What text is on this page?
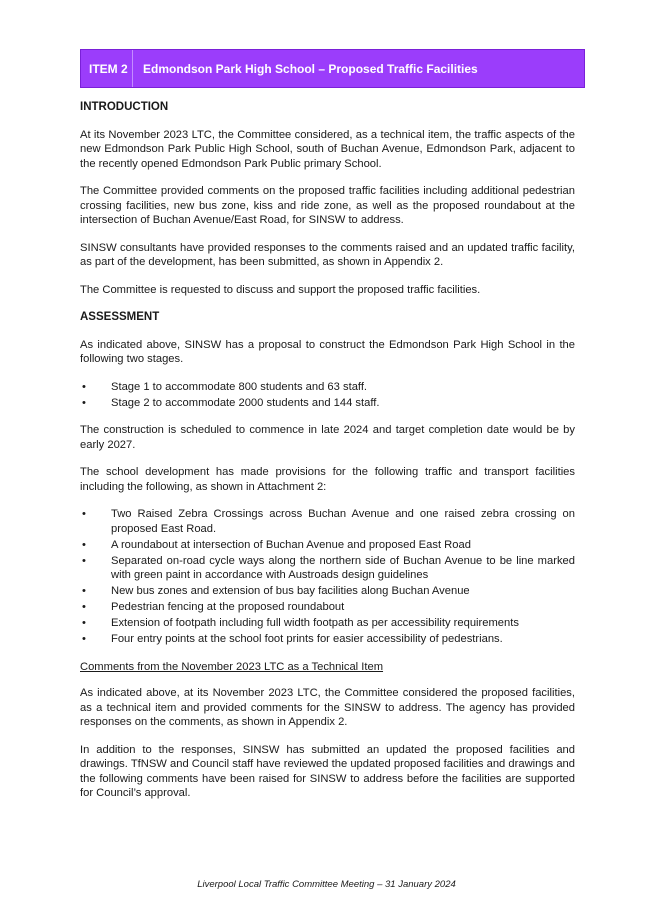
ITEM 2	Edmondson Park High School – Proposed Traffic Facilities
INTRODUCTION

At its November 2023 LTC, the Committee considered, as a technical item, the traffic aspects of the new Edmondson Park Public High School, south of Buchan Avenue, Edmondson Park, adjacent to the recently opened Edmondson Park Public primary School.

The Committee provided comments on the proposed traffic facilities including additional pedestrian crossing facilities, new bus zone, kiss and ride zone, as well as the proposed roundabout at the intersection of Buchan Avenue/East Road, for SINSW to address.

SINSW consultants have provided responses to the comments raised and an updated traffic facility, as part of the development, has been submitted, as shown in Appendix 2.

The Committee is requested to discuss and support the proposed traffic facilities.

ASSESSMENT

As indicated above, SINSW has a proposal to construct the Edmondson Park High School in the following two stages.

• Stage 1 to accommodate 800 students and 63 staff.
• Stage 2 to accommodate 2000 students and 144 staff.

The construction is scheduled to commence in late 2024 and target completion date would be by early 2027.

The school development has made provisions for the following traffic and transport facilities including the following, as shown in Attachment 2:

• Two Raised Zebra Crossings across Buchan Avenue and one raised zebra crossing on proposed East Road.
• A roundabout at intersection of Buchan Avenue and proposed East Road
• Separated on-road cycle ways along the northern side of Buchan Avenue to be line marked with green paint in accordance with Austroads design guidelines
• New bus zones and extension of bus bay facilities along Buchan Avenue
• Pedestrian fencing at the proposed roundabout
• Extension of footpath including full width footpath as per accessibility requirements
• Four entry points at the school foot prints for easier accessibility of pedestrians.

Comments from the November 2023 LTC as a Technical Item

As indicated above, at its November 2023 LTC, the Committee considered the proposed facilities, as a technical item and provided comments for the SINSW to address. The agency has provided responses on the comments, as shown in Appendix 2.

In addition to the responses, SINSW has submitted an updated the proposed facilities and drawings. TfNSW and Council staff have reviewed the updated proposed facilities and drawings and the following comments have been raised for SINSW to address before the facilities are supported for Council’s approval.

Liverpool Local Traffic Committee Meeting – 31 January 2024
